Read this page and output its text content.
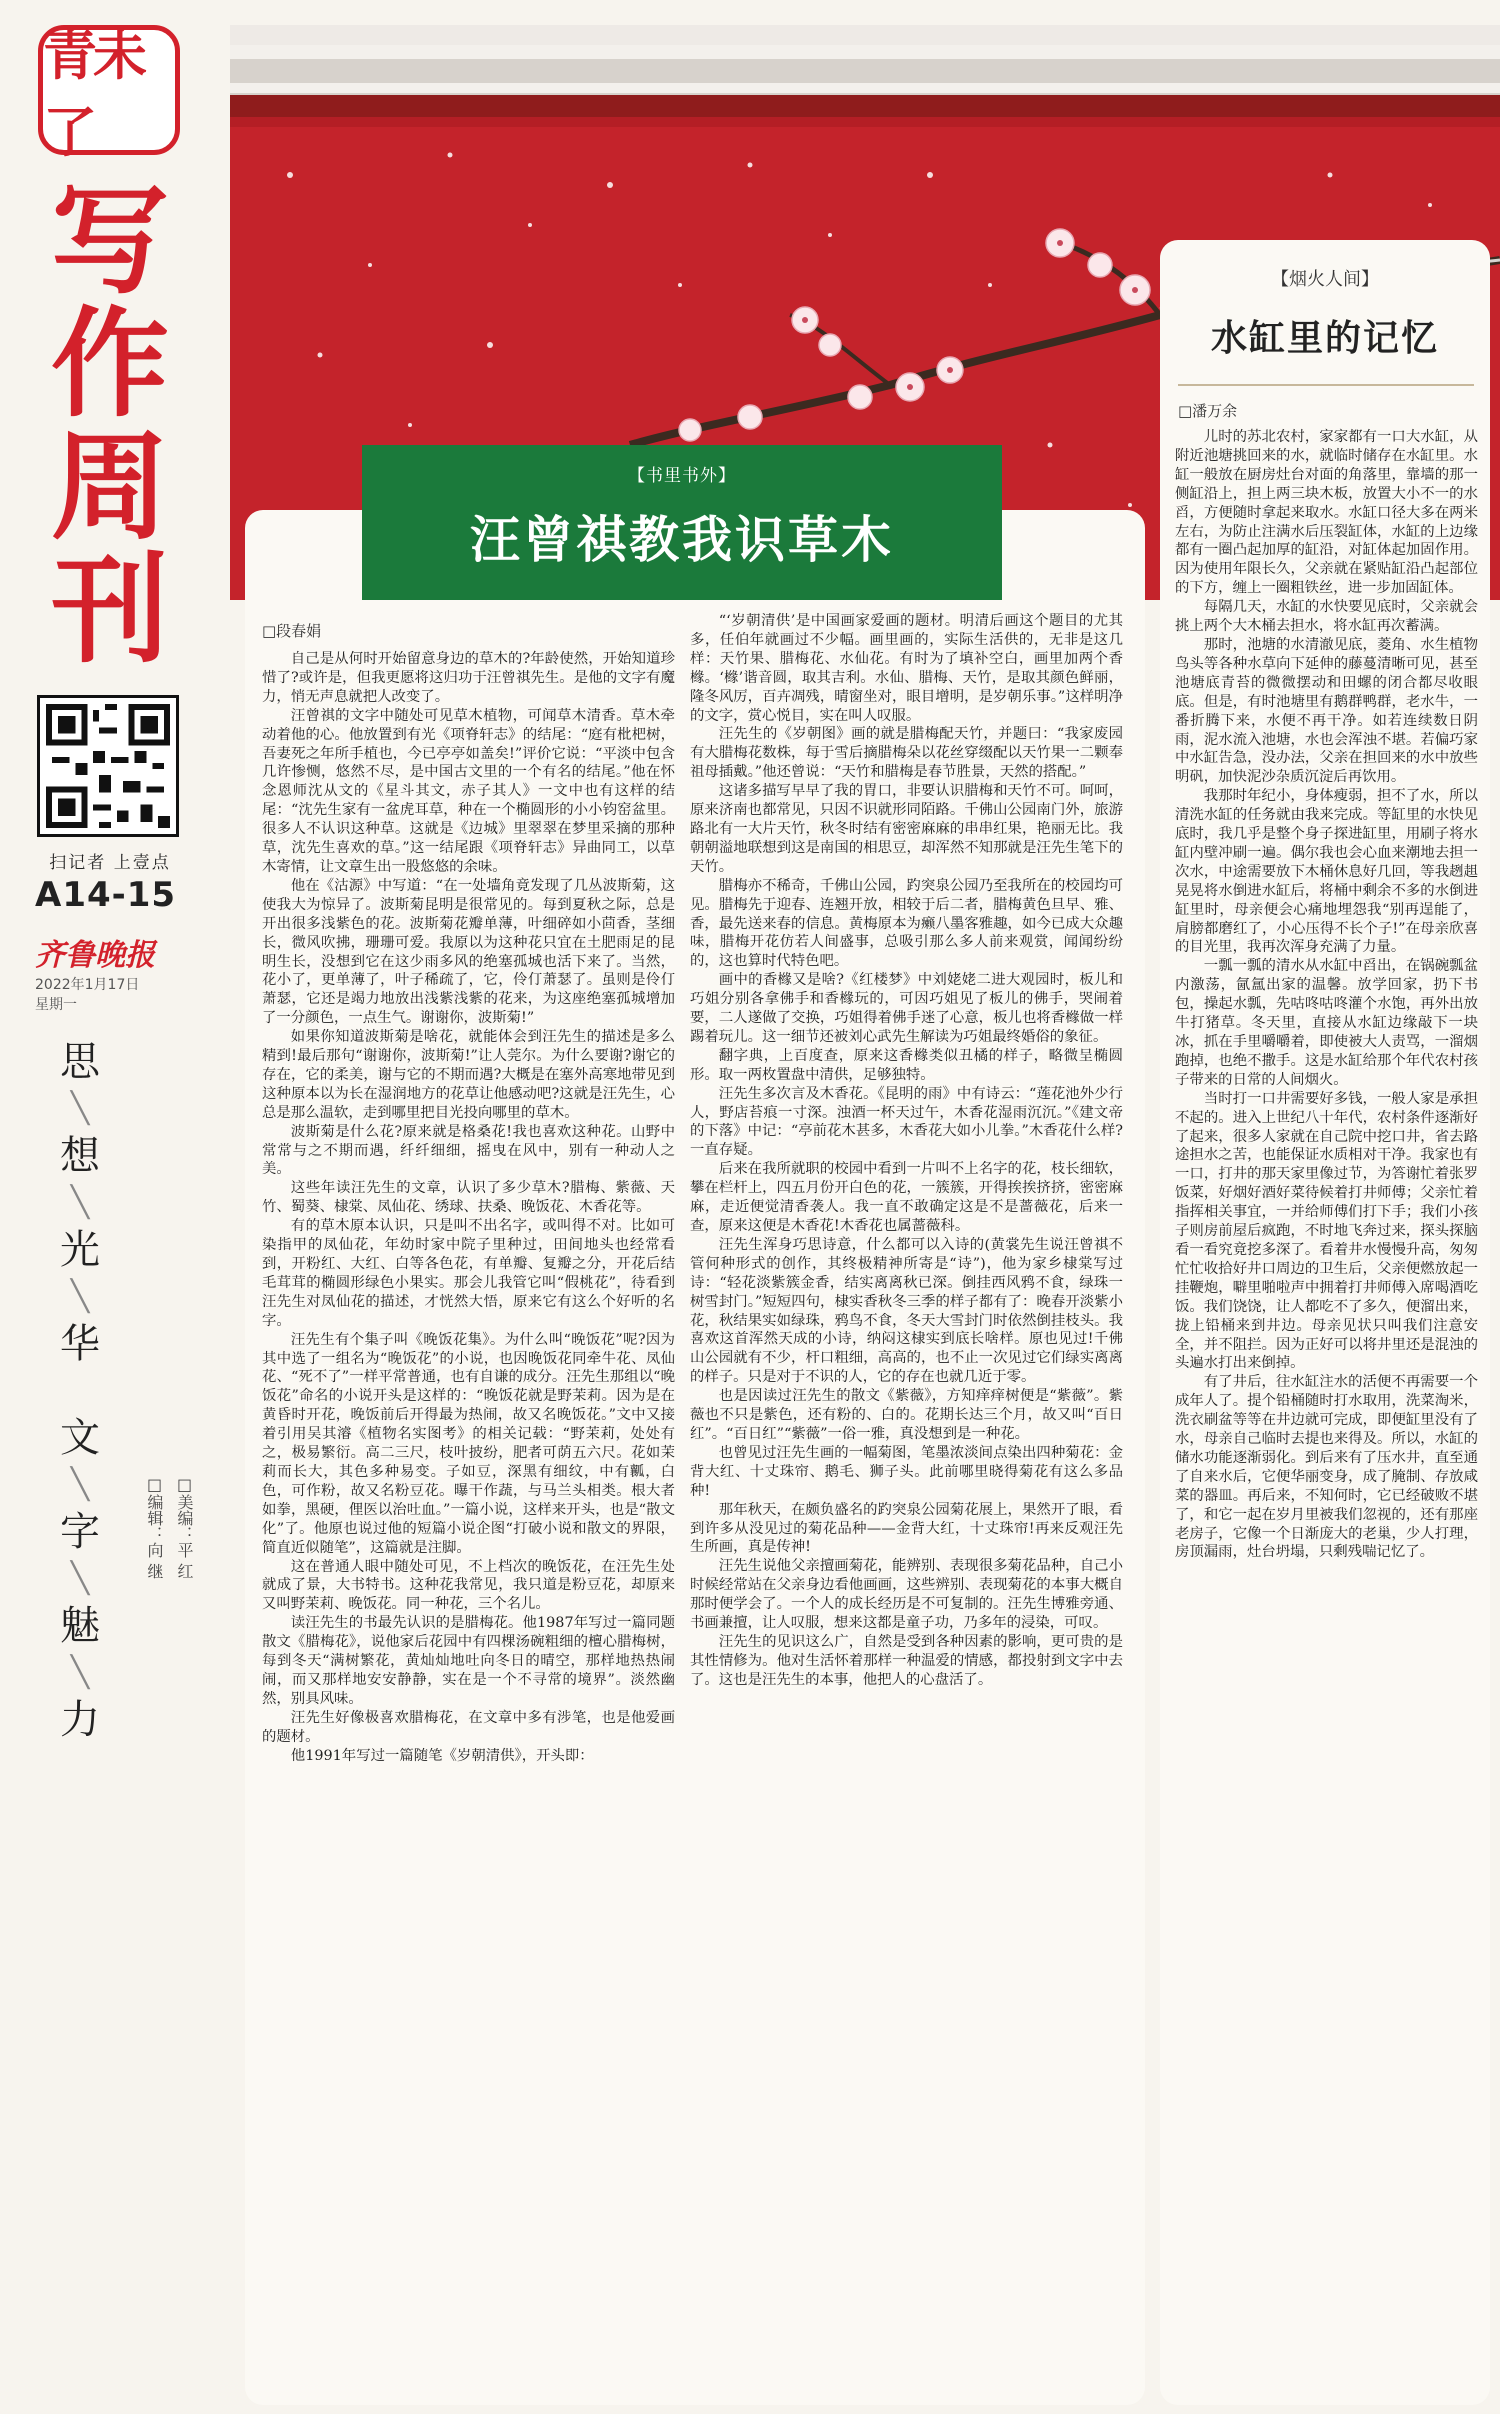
青未了
写
作
周
刊
扫记者 上壹点
A14-15
齐鲁晚报
2022年1月17日
星期一
思
╲
想
╲
光
╲
华

文
╲
字
╲
魅
╲
力
□编辑：向 继 □美编：平 红
【书里书外】
汪曾祺教我识草木
□段春娟

自己是从何时开始留意身边的草木的?年龄使然，开始知道珍惜了?或许是，但我更愿将这归功于汪曾祺先生。是他的文字有魔力，悄无声息就把人改变了。

汪曾祺的文字中随处可见草木植物，可闻草木清香。草木牵动着他的心。他放置到有光《项脊轩志》的结尾：“庭有枇杷树，吾妻死之年所手植也，今已亭亭如盖矣!”评价它说：“平淡中包含几许惨恻，悠然不尽，是中国古文里的一个有名的结尾。”他在怀念恩师沈从文的《星斗其文，赤子其人》一文中也有这样的结尾：“沈先生家有一盆虎耳草，种在一个椭圆形的小小钧窑盆里。很多人不认识这种草。这就是《边城》里翠翠在梦里采摘的那种草，沈先生喜欢的草。”这一结尾跟《项脊轩志》异曲同工，以草木寄情，让文章生出一股悠悠的余味。

他在《沽源》中写道：“在一处墙角竟发现了几丛波斯菊，这使我大为惊异了。波斯菊昆明是很常见的。每到夏秋之际，总是开出很多浅紫色的花。波斯菊花瓣单薄，叶细碎如小茴香，茎细长，微风吹拂，珊珊可爱。我原以为这种花只宜在土肥雨足的昆明生长，没想到它在这少雨多风的绝塞孤城也活下来了。当然，花小了，更单薄了，叶子稀疏了，它，伶仃萧瑟了。虽则是伶仃萧瑟，它还是竭力地放出浅紫浅紫的花来，为这座绝塞孤城增加了一分颜色，一点生气。谢谢你，波斯菊!”

如果你知道波斯菊是啥花，就能体会到汪先生的描述是多么精到!最后那句“谢谢你，波斯菊!”让人莞尔。为什么要谢?谢它的存在，它的柔美，谢与它的不期而遇?大概是在塞外高寒地带见到这种原本以为长在湿润地方的花草让他感动吧?这就是汪先生，心总是那么温软，走到哪里把目光投向哪里的草木。

波斯菊是什么花?原来就是格桑花!我也喜欢这种花。山野中常常与之不期而遇，纤纤细细，摇曳在风中，别有一种动人之美。

这些年读汪先生的文章，认识了多少草木?腊梅、紫薇、天竹、蜀葵、棣棠、凤仙花、绣球、扶桑、晚饭花、木香花等。

有的草木原本认识，只是叫不出名字，或叫得不对。比如可染指甲的凤仙花，年幼时家中院子里种过，田间地头也经常看到，开粉红、大红、白等各色花，有单瓣、复瓣之分，开花后结毛茸茸的椭圆形绿色小果实。那会儿我管它叫“假桃花”，待看到汪先生对凤仙花的描述，才恍然大悟，原来它有这么个好听的名字。

汪先生有个集子叫《晚饭花集》。为什么叫“晚饭花”呢?因为其中选了一组名为“晚饭花”的小说，也因晚饭花同牵牛花、凤仙花、“死不了”一样平常普通，也有自谦的成分。汪先生那组以“晚饭花”命名的小说开头是这样的：“晚饭花就是野茉莉。因为是在黄昏时开花，晚饭前后开得最为热闹，故又名晚饭花。”文中又接着引用吴其濬《植物名实图考》的相关记载：“野茉莉，处处有之，极易繁衍。高二三尺，枝叶披纷，肥者可荫五六尺。花如茉莉而长大，其色多种易变。子如豆，深黑有细纹，中有瓤，白色，可作粉，故又名粉豆花。曝干作蔬，与马兰头相类。根大者如拳，黑硬，俚医以治吐血。”一篇小说，这样来开头，也是“散文化”了。他原也说过他的短篇小说企图“打破小说和散文的界限，简直近似随笔”，这篇就是注脚。

这在普通人眼中随处可见，不上档次的晚饭花，在汪先生处就成了景，大书特书。这种花我常见，我只道是粉豆花，却原来又叫野茉莉、晚饭花。同一种花，三个名儿。

读汪先生的书最先认识的是腊梅花。他1987年写过一篇同题散文《腊梅花》，说他家后花园中有四棵汤碗粗细的檀心腊梅树，每到冬天“满树繁花，黄灿灿地吐向冬日的晴空，那样地热热闹闹，而又那样地安安静静，实在是一个不寻常的境界”。淡然幽然，别具风味。

汪先生好像极喜欢腊梅花，在文章中多有涉笔，也是他爱画的题材。

他1991年写过一篇随笔《岁朝清供》，开头即：

“‘岁朝清供’是中国画家爱画的题材。明清后画这个题目的尤其多，任伯年就画过不少幅。画里画的，实际生活供的，无非是这几样：天竹果、腊梅花、水仙花。有时为了填补空白，画里加两个香橼。‘橼’谐音圆，取其吉利。水仙、腊梅、天竹，是取其颜色鲜丽，隆冬风厉，百卉凋残，晴窗坐对，眼目增明，是岁朝乐事。”这样明净的文字，赏心悦目，实在叫人叹服。

汪先生的《岁朝图》画的就是腊梅配天竹，并题曰：“我家废园有大腊梅花数株，每于雪后摘腊梅朵以花丝穿缀配以天竹果一二颗奉祖母插戴。”他还曾说：“天竹和腊梅是春节胜景，天然的搭配。”

这诸多描写早早了我的胃口，非要认识腊梅和天竹不可。呵呵，原来济南也都常见，只因不识就形同陌路。千佛山公园南门外，旅游路北有一大片天竹，秋冬时结有密密麻麻的串串红果，艳丽无比。我朝朝溢地联想到这是南国的相思豆，却浑然不知那就是汪先生笔下的天竹。

腊梅亦不稀奇，千佛山公园，趵突泉公园乃至我所在的校园均可见。腊梅先于迎春、连翘开放，相较于后二者，腊梅黄色旦早、雅、香，最先送来春的信息。黄梅原本为癞八墨客雅趣，如今已成大众趣味，腊梅开花仿若人间盛事，总吸引那么多人前来观赏，闻闻纷纷的，这也算时代特色吧。

画中的香橼又是啥?《红楼梦》中刘姥姥二进大观园时，板儿和巧姐分别各拿佛手和香橼玩的，可因巧姐见了板儿的佛手，哭闹着要，二人遂做了交换，巧姐得着佛手迷了心意，板儿也将香橼做一样踢着玩儿。这一细节还被刘心武先生解读为巧姐最终婚俗的象征。

翻字典，上百度查，原来这香橼类似丑橘的样子，略微呈椭圆形。取一两枚置盘中清供，足够独特。

汪先生多次言及木香花。《昆明的雨》中有诗云：“莲花池外少行人，野店苔痕一寸深。浊酒一杯天过午，木香花湿雨沉沉。”《建文帝的下落》中记：“亭前花木甚多，木香花大如小儿拳。”木香花什么样?一直存疑。

后来在我所就职的校园中看到一片叫不上名字的花，枝长细软，攀在栏杆上，四五月份开白色的花，一簇簇，开得挨挨挤挤，密密麻麻，走近便觉清香袭人。我一直不敢确定这是不是蔷薇花，后来一查，原来这便是木香花!木香花也属蔷薇科。

汪先生浑身巧思诗意，什么都可以入诗的(黄裳先生说汪曾祺不管何种形式的创作，其终极精神所寄是“诗”)，他为家乡棣棠写过诗：“轻花淡紫簇金香，结实离离秋已深。倒挂西风鸦不食，绿珠一树雪封门。”短短四句，棣实香秋冬三季的样子都有了：晚春开淡紫小花，秋结果实如绿珠，鸦鸟不食，冬天大雪封门时依然倒挂枝头。我喜欢这首浑然天成的小诗，纳闷这棣实到底长啥样。原也见过!千佛山公园就有不少，杆口粗细，高高的，也不止一次见过它们绿实离离的样子。只是对于不识的人，它的存在也就几近于零。

也是因读过汪先生的散文《紫薇》，方知痒痒树便是“紫薇”。紫薇也不只是紫色，还有粉的、白的。花期长达三个月，故又叫“百日红”。“百日红”“紫薇”一俗一雅，真没想到是一种花。

也曾见过汪先生画的一幅菊图，笔墨浓淡间点染出四种菊花：金背大红、十丈珠帘、鹅毛、狮子头。此前哪里晓得菊花有这么多品种!

那年秋天，在颇负盛名的趵突泉公园菊花展上，果然开了眼，看到许多从没见过的菊花品种——金背大红，十丈珠帘!再来反观汪先生所画，真是传神!

汪先生说他父亲擅画菊花，能辨别、表现很多菊花品种，自己小时候经常站在父亲身边看他画画，这些辨别、表现菊花的本事大概自那时便学会了。一个人的成长经历是不可复制的。汪先生博雅旁通、书画兼擅，让人叹服，想来这都是童子功，乃多年的浸染，可叹。

汪先生的见识这么广，自然是受到各种因素的影响，更可贵的是其性情修为。他对生活怀着那样一种温爱的情感，都投射到文字中去了。这也是汪先生的本事，他把人的心盘活了。

【烟火人间】
水缸里的记忆
□潘万余

儿时的苏北农村，家家都有一口大水缸，从附近池塘挑回来的水，就临时储存在水缸里。水缸一般放在厨房灶台对面的角落里，靠墙的那一侧缸沿上，担上两三块木板，放置大小不一的水舀，方便随时拿起来取水。水缸口径大多在两米左右，为防止注满水后压裂缸体，水缸的上边缘都有一圈凸起加厚的缸沿，对缸体起加固作用。因为使用年限长久，父亲就在紧贴缸沿凸起部位的下方，缠上一圈粗铁丝，进一步加固缸体。

每隔几天，水缸的水快要见底时，父亲就会挑上两个大木桶去担水，将水缸再次蓄满。

那时，池塘的水清澈见底，菱角、水生植物鸟头等各种水草向下延伸的藤蔓清晰可见，甚至池塘底青苔的微微摆动和田螺的闭合都尽收眼底。但是，有时池塘里有鹅群鸭群，老水牛，一番折腾下来，水便不再干净。如若连续数日阴雨，泥水流入池塘，水也会浑浊不堪。若偏巧家中水缸告急，没办法，父亲在担回来的水中放些明矾，加快泥沙杂质沉淀后再饮用。

我那时年纪小，身体瘦弱，担不了水，所以清洗水缸的任务就由我来完成。等缸里的水快见底时，我几乎是整个身子探进缸里，用刷子将水缸内壁冲刷一遍。偶尔我也会心血来潮地去担一次水，中途需要放下木桶休息好几回，等我趔趄晃晃将水倒进水缸后，将桶中剩余不多的水倒进缸里时，母亲便会心痛地埋怨我“别再逞能了，肩膀都磨红了，小心压得不长个子!”在母亲欣喜的目光里，我再次浑身充满了力量。

一瓢一瓢的清水从水缸中舀出，在锅碗瓢盆内激荡，氤氲出家的温馨。放学回家，扔下书包，操起水瓢，先咕咚咕咚灌个水饱，再外出放牛打猪草。冬天里，直接从水缸边缘敲下一块冰，抓在手里嚼嚼着，即使被大人责骂，一溜烟跑掉，也绝不撒手。这是水缸给那个年代农村孩子带来的日常的人间烟火。

当时打一口井需要好多钱，一般人家是承担不起的。进入上世纪八十年代，农村条件逐渐好了起来，很多人家就在自己院中挖口井，省去路途担水之苦，也能保证水质相对干净。我家也有一口，打井的那天家里像过节，为答谢忙着张罗饭菜，好烟好酒好菜待候着打井师傅；父亲忙着指挥相关事宜，一并给师傅们打下手；我们小孩子则房前屋后疯跑，不时地飞奔过来，探头探脑看一看究竟挖多深了。看着井水慢慢升高，匆匆忙忙收拾好井口周边的卫生后，父亲便燃放起一挂鞭炮，噼里啪啦声中拥着打井师傅入席喝酒吃饭。我们饶饶，让人都吃不了多久，便溜出来，拢上铅桶来到井边。母亲见状只叫我们注意安全，并不阻拦。因为正好可以将井里还是混浊的头遍水打出来倒掉。

有了井后，往水缸注水的活便不再需要一个成年人了。提个铅桶随时打水取用，洗菜淘米，洗衣刷盆等等在井边就可完成，即便缸里没有了水，母亲自己临时去提也来得及。所以，水缸的储水功能逐渐弱化。到后来有了压水井，直至通了自来水后，它便华丽变身，成了腌制、存放咸菜的器皿。再后来，不知何时，它已经破败不堪了，和它一起在岁月里被我们忽视的，还有那座老房子，它像一个日渐庞大的老巢，少人打理，房顶漏雨，灶台坍塌，只剩残喘记忆了。
